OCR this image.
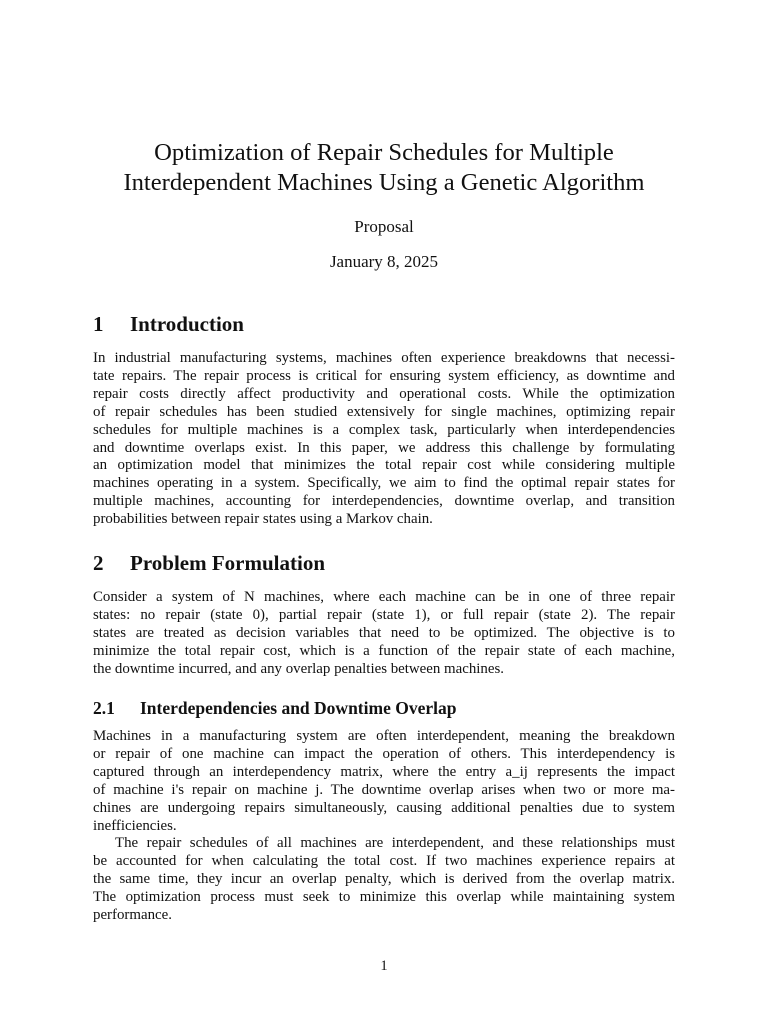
Optimization of Repair Schedules for Multiple
Interdependent Machines Using a Genetic Algorithm
Proposal
January 8, 2025
1 Introduction

In industrial manufacturing systems, machines often experience breakdowns that necessi-
tate repairs. The repair process is critical for ensuring system efficiency, as downtime and
repair costs directly affect productivity and operational costs. While the optimization
of repair schedules has been studied extensively for single machines, optimizing repair
schedules for multiple machines is a complex task, particularly when interdependencies
and downtime overlaps exist. In this paper, we address this challenge by formulating
an optimization model that minimizes the total repair cost while considering multiple
machines operating in a system. Specifically, we aim to find the optimal repair states for
multiple machines, accounting for interdependencies, downtime overlap, and transition
probabilities between repair states using a Markov chain.

2 Problem Formulation

Consider a system of N machines, where each machine can be in one of three repair
states: no repair (state 0), partial repair (state 1), or full repair (state 2). The repair
states are treated as decision variables that need to be optimized. The objective is to
minimize the total repair cost, which is a function of the repair state of each machine,
the downtime incurred, and any overlap penalties between machines.

2.1 Interdependencies and Downtime Overlap

Machines in a manufacturing system are often interdependent, meaning the breakdown
or repair of one machine can impact the operation of others. This interdependency is
captured through an interdependency matrix, where the entry a_ij represents the impact
of machine i's repair on machine j. The downtime overlap arises when two or more ma-
chines are undergoing repairs simultaneously, causing additional penalties due to system
inefficiencies.

The repair schedules of all machines are interdependent, and these relationships must
be accounted for when calculating the total cost. If two machines experience repairs at
the same time, they incur an overlap penalty, which is derived from the overlap matrix.
The optimization process must seek to minimize this overlap while maintaining system
performance.

1
